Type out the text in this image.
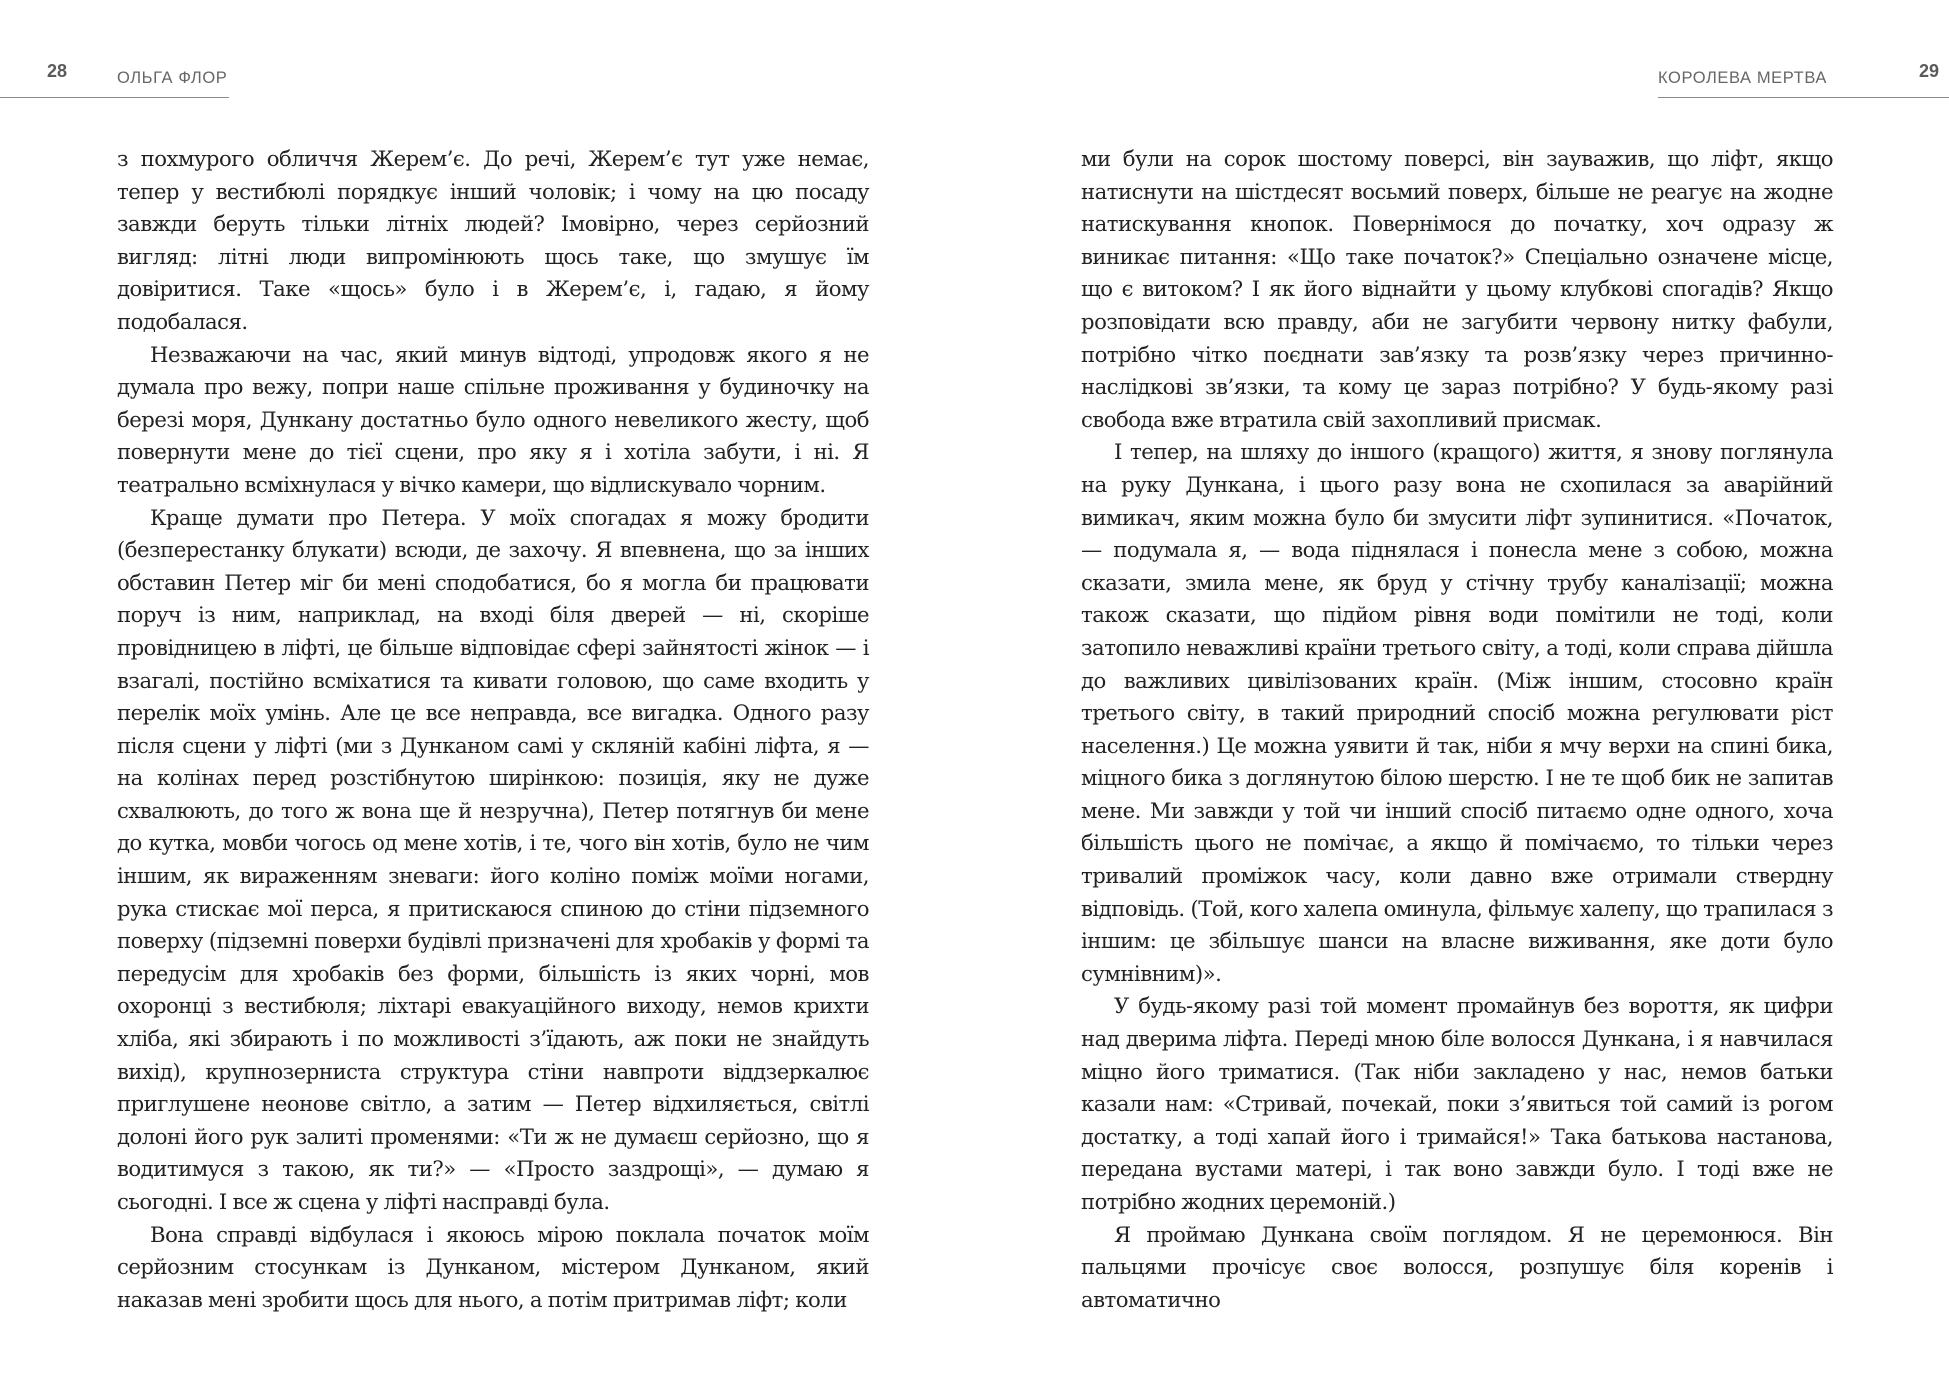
28	ОЛЬГА ФЛОР

з похмурого обличчя Жерем’є. До речі, Жерем’є тут уже немає, тепер у вестибюлі порядкує інший чоловік; і чому на цю посаду завжди беруть тільки літніх людей? Імовірно, через серйозний вигляд: літні люди випромінюють щось таке, що змушує їм довіритися. Таке «щось» було і в Жерем’є, і, гадаю, я йому подобалася.

Незважаючи на час, який минув відтоді, упродовж якого я не думала про вежу, попри наше спільне проживання у будиночку на березі моря, Дункану достатньо було одного невеликого жесту, щоб повернути мене до тієї сцени, про яку я і хотіла забути, і ні. Я театрально всміхнулася у вічко камери, що відлискувало чорним.

Краще думати про Петера. У моїх спогадах я можу бродити (безперестанку блукати) всюди, де захочу. Я впевнена, що за інших обставин Петер міг би мені сподобатися, бо я могла би працювати поруч із ним, наприклад, на вході біля дверей — ні, скоріше провідницею в ліфті, це більше відповідає сфері зайнятості жінок — і взагалі, постійно всміхатися та кивати головою, що саме входить у перелік моїх умінь. Але це все неправда, все вигадка. Одного разу після сцени у ліфті (ми з Дунканом самі у скляній кабіні ліфта, я — на колінах перед розстібнутою ширінкою: позиція, яку не дуже схвалюють, до того ж вона ще й незручна), Петер потягнув би мене до кутка, мовби чогось од мене хотів, і те, чого він хотів, було не чим іншим, як вираженням зневаги: його коліно поміж моїми ногами, рука стискає мої перса, я притискаюся спиною до стіни підземного поверху (підземні поверхи будівлі призначені для хробаків у формі та передусім для хробаків без форми, більшість із яких чорні, мов охоронці з вестибюля; ліхтарі евакуаційного виходу, немов крихти хліба, які збирають і по можливості з’їдають, аж поки не знайдуть вихід), крупнозерниста структура стіни навпроти віддзеркалює приглушене неонове світло, а затим — Петер відхиляється, світлі долоні його рук залиті променями: «Ти ж не думаєш серйозно, що я водитимуся з такою, як ти?» — «Просто заздрощі», — думаю я сьогодні. І все ж сцена у ліфті насправді була.

Вона справді відбулася і якоюсь мірою поклала початок моїм серйозним стосункам із Дунканом, містером Дунканом, який наказав мені зробити щось для нього, а потім притримав ліфт; коли

КОРОЛЕВА МЕРТВА	29

ми були на сорок шостому поверсі, він зауважив, що ліфт, якщо натиснути на шістдесят восьмий поверх, більше не реагує на жодне натискування кнопок. Повернімося до початку, хоч одразу ж виникає питання: «Що таке початок?» Спеціально означене місце, що є витоком? І як його віднайти у цьому клубкові спогадів? Якщо розповідати всю правду, аби не загубити червону нитку фабули, потрібно чітко поєднати зав’язку та розв’язку через причинно-наслідкові зв’язки, та кому це зараз потрібно? У будь-якому разі свобода вже втратила свій захопливий присмак.

І тепер, на шляху до іншого (кращого) життя, я знову поглянула на руку Дункана, і цього разу вона не схопилася за аварійний вимикач, яким можна було би змусити ліфт зупинитися. «Початок, — подумала я, — вода піднялася і понесла мене з собою, можна сказати, змила мене, як бруд у стічну трубу каналізації; можна також сказати, що підйом рівня води помітили не тоді, коли затопило неважливі країни третього світу, а тоді, коли справа дійшла до важливих цивілізованих країн. (Між іншим, стосовно країн третього світу, в такий природний спосіб можна регулювати ріст населення.) Це можна уявити й так, ніби я мчу верхи на спині бика, міцного бика з доглянутою білою шерстю. І не те щоб бик не запитав мене. Ми завжди у той чи інший спосіб питаємо одне одного, хоча більшість цього не помічає, а якщо й помічаємо, то тільки через тривалий проміжок часу, коли давно вже отримали ствердну відповідь. (Той, кого халепа оминула, фільмує халепу, що трапилася з іншим: це збільшує шанси на власне виживання, яке доти було сумнівним)».

У будь-якому разі той момент промайнув без вороття, як цифри над дверима ліфта. Переді мною біле волосся Дункана, і я навчилася міцно його триматися. (Так ніби закладено у нас, немов батьки казали нам: «Стривай, почекай, поки з’явиться той самий із рогом достатку, а тоді хапай його і тримайся!» Така батькова настанова, передана вустами матері, і так воно завжди було. І тоді вже не потрібно жодних церемоній.)

Я проймаю Дункана своїм поглядом. Я не церемонюся. Він пальцями прочісує своє волосся, розпушує біля коренів і автоматично
